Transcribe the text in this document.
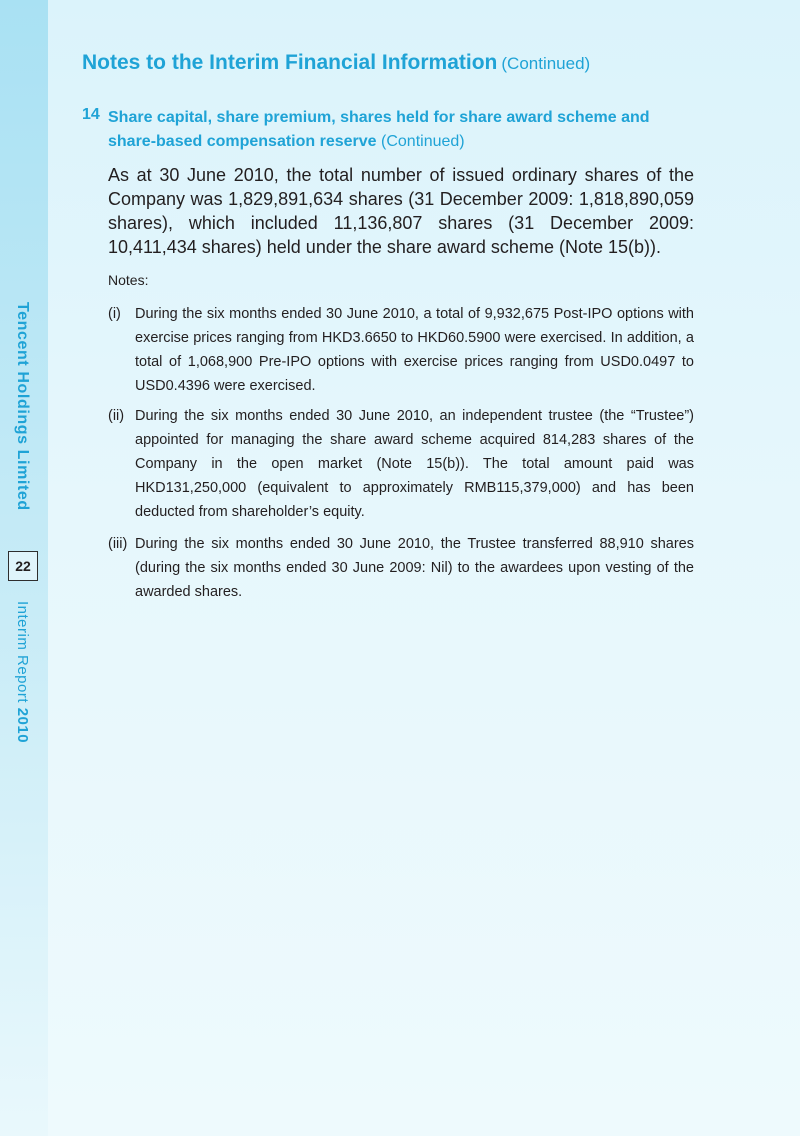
Tencent Holdings Limited
22
Interim Report 2010
Notes to the Interim Financial Information (Continued)
14 Share capital, share premium, shares held for share award scheme and share-based compensation reserve (Continued)

As at 30 June 2010, the total number of issued ordinary shares of the Company was 1,829,891,634 shares (31 December 2009: 1,818,890,059 shares), which included 11,136,807 shares (31 December 2009: 10,411,434 shares) held under the share award scheme (Note 15(b)).

Notes:
(i) During the six months ended 30 June 2010, a total of 9,932,675 Post-IPO options with exercise prices ranging from HKD3.6650 to HKD60.5900 were exercised. In addition, a total of 1,068,900 Pre-IPO options with exercise prices ranging from USD0.0497 to USD0.4396 were exercised.
(ii) During the six months ended 30 June 2010, an independent trustee (the “Trustee”) appointed for managing the share award scheme acquired 814,283 shares of the Company in the open market (Note 15(b)). The total amount paid was HKD131,250,000 (equivalent to approximately RMB115,379,000) and has been deducted from shareholder’s equity.
(iii) During the six months ended 30 June 2010, the Trustee transferred 88,910 shares (during the six months ended 30 June 2009: Nil) to the awardees upon vesting of the awarded shares.
